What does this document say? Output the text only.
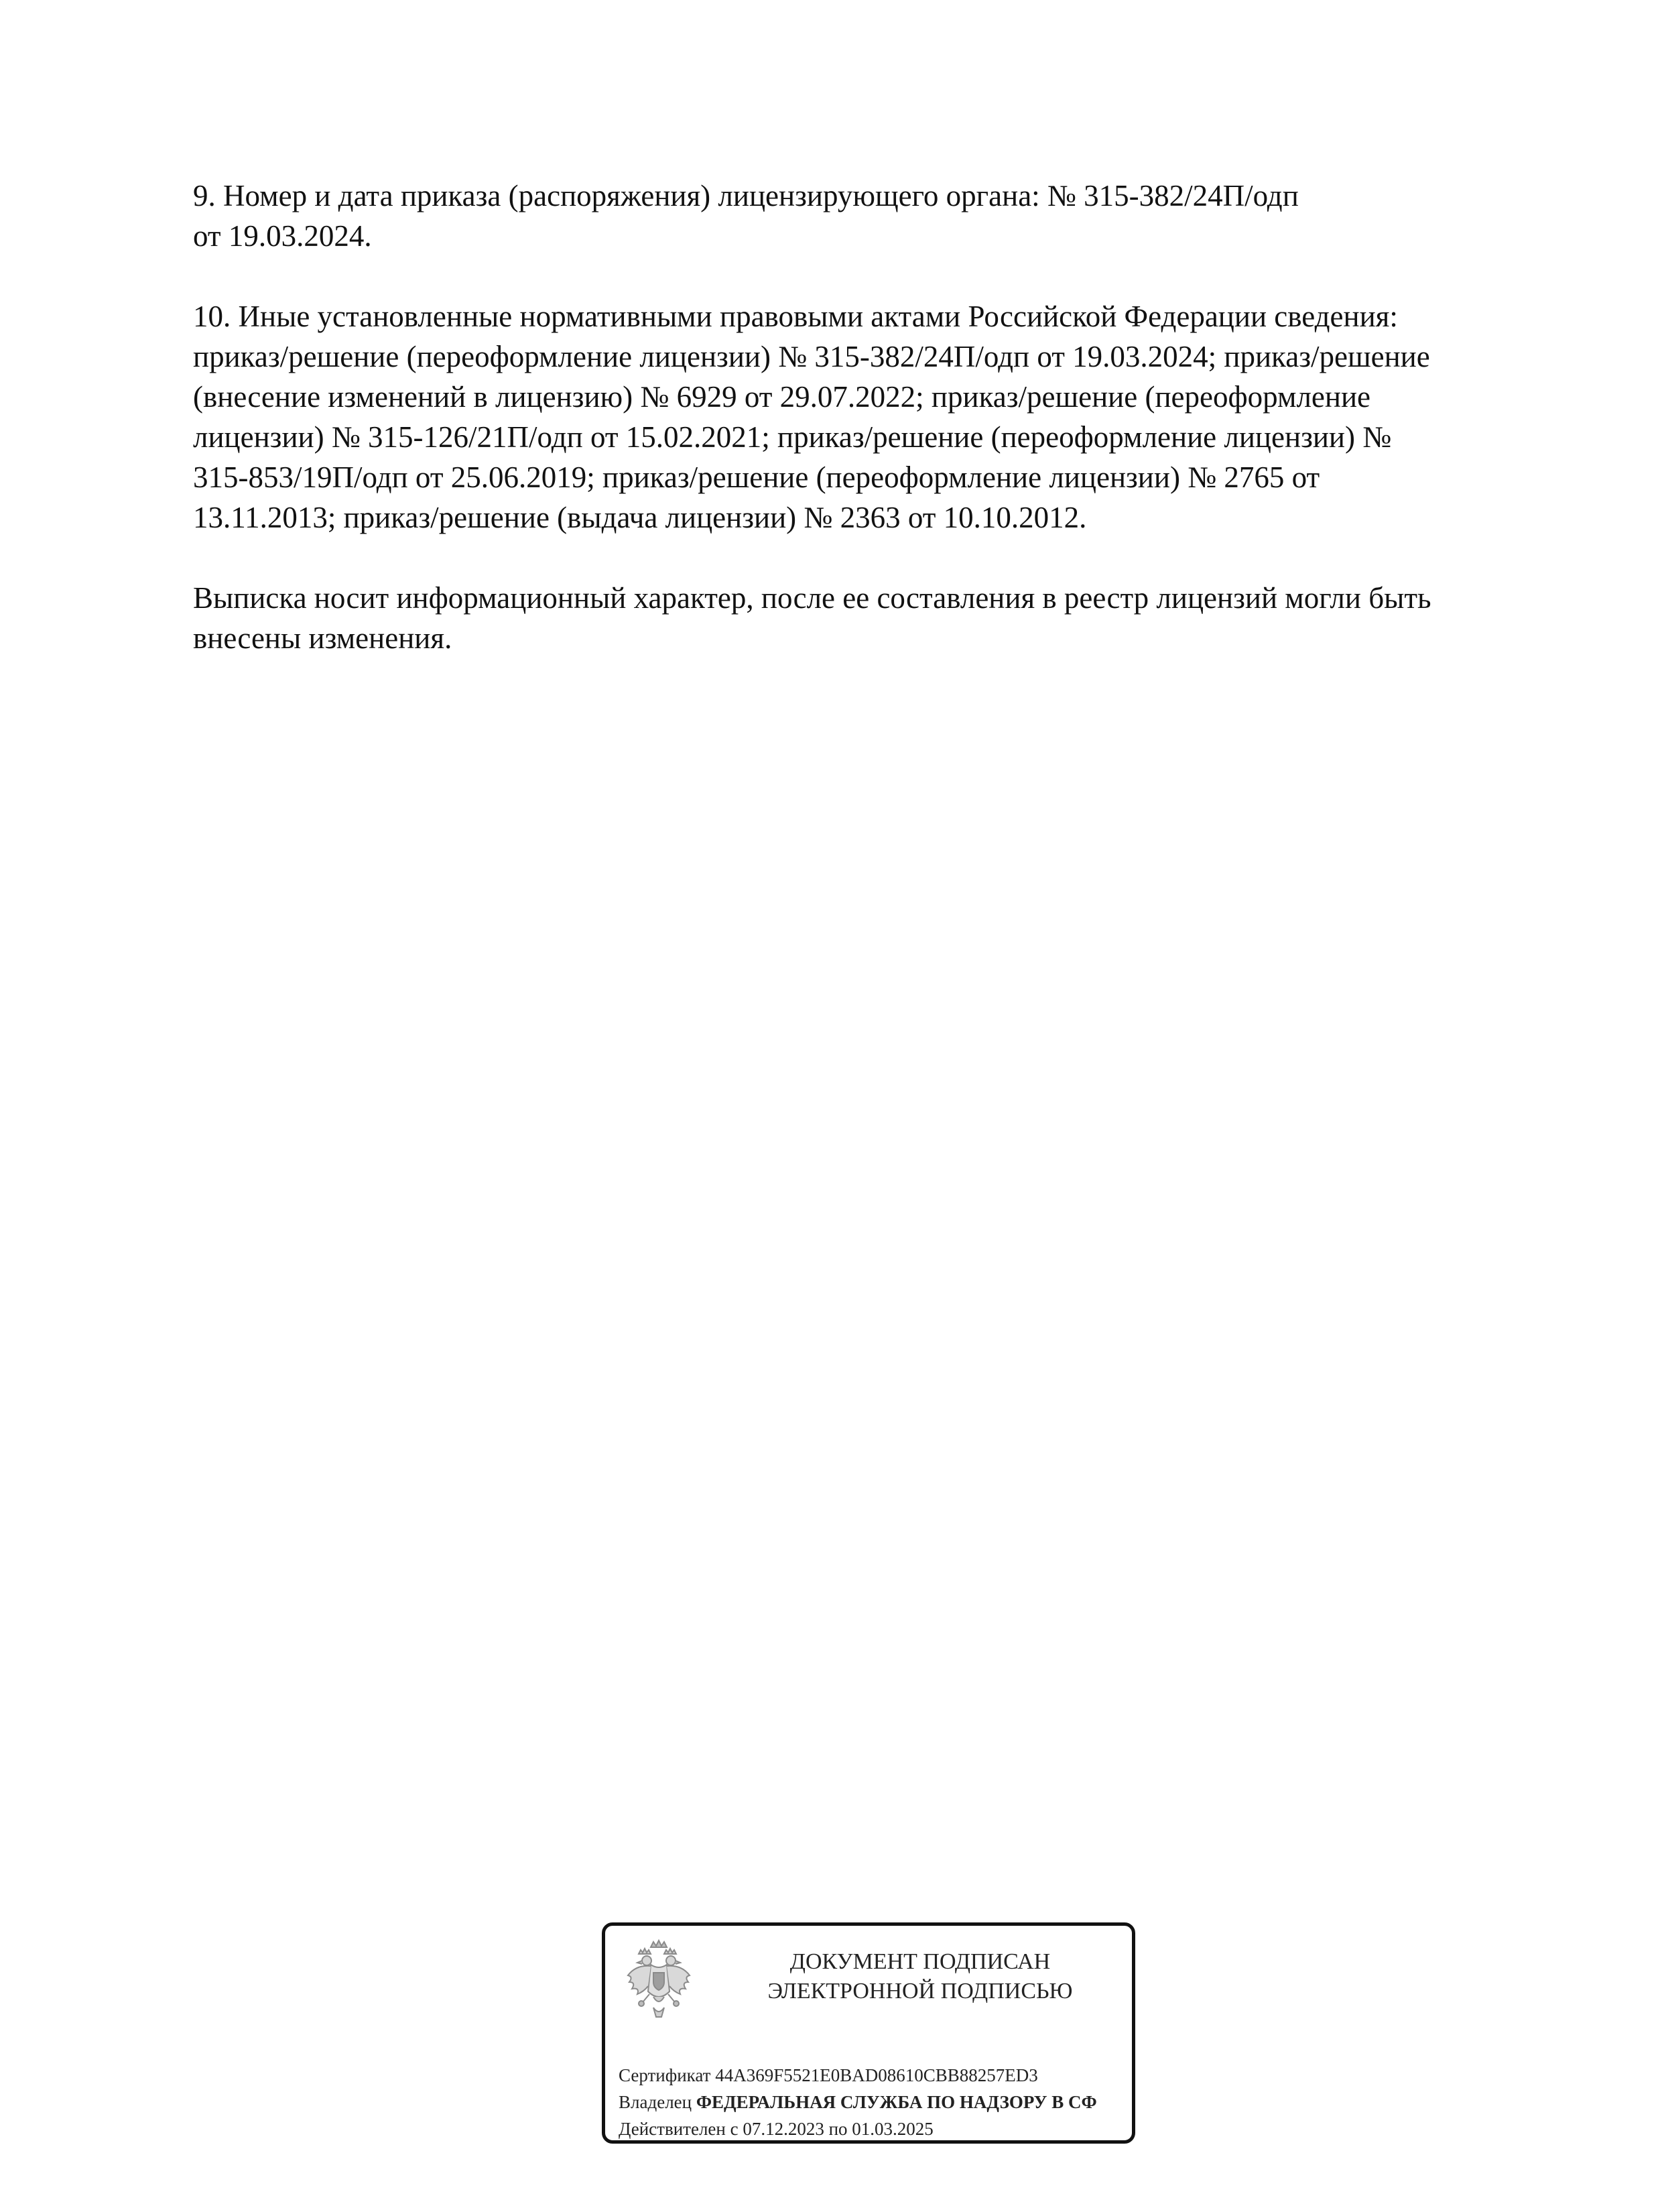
9. Номер и дата приказа (распоряжения) лицензирующего органа: № 315-382/24П/одп
от 19.03.2024.

10. Иные установленные нормативными правовыми актами Российской Федерации сведения:
приказ/решение (переоформление лицензии) № 315-382/24П/одп от 19.03.2024; приказ/решение
(внесение изменений в лицензию) № 6929 от 29.07.2022; приказ/решение (переоформление
лицензии) № 315-126/21П/одп от 15.02.2021; приказ/решение (переоформление лицензии) №
315-853/19П/одп от 25.06.2019; приказ/решение (переоформление лицензии) № 2765 от
13.11.2013; приказ/решение (выдача лицензии) № 2363 от 10.10.2012.

Выписка носит информационный характер, после ее составления в реестр лицензий могли быть
внесены изменения.

ДОКУМЕНТ ПОДПИСАН
ЭЛЕКТРОННОЙ ПОДПИСЬЮ
Сертификат 44A369F5521E0BAD08610CBB88257ED3
Владелец ФЕДЕРАЛЬНАЯ СЛУЖБА ПО НАДЗОРУ В СФ
Действителен с 07.12.2023 по 01.03.2025
